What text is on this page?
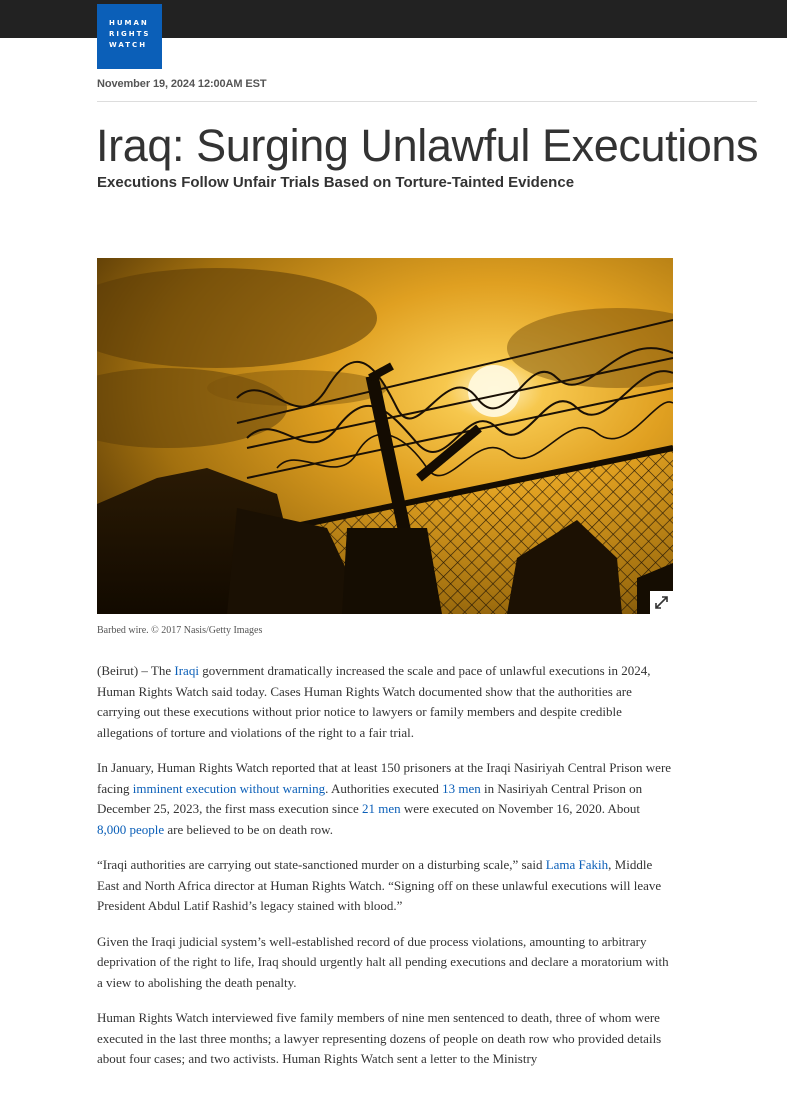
HUMAN
RIGHTS
WATCH
November 19, 2024 12:00AM EST
Iraq: Surging Unlawful Executions
Executions Follow Unfair Trials Based on Torture-Tainted Evidence
Barbed wire. © 2017 Nasis/Getty Images

(Beirut) – The Iraqi government dramatically increased the scale and pace of unlawful executions in 2024, Human Rights Watch said today. Cases Human Rights Watch documented show that the authorities are carrying out these executions without prior notice to lawyers or family members and despite credible allegations of torture and violations of the right to a fair trial.

In January, Human Rights Watch reported that at least 150 prisoners at the Iraqi Nasiriyah Central Prison were facing imminent execution without warning. Authorities executed 13 men in Nasiriyah Central Prison on December 25, 2023, the first mass execution since 21 men were executed on November 16, 2020. About 8,000 people are believed to be on death row.

“Iraqi authorities are carrying out state-sanctioned murder on a disturbing scale,” said Lama Fakih, Middle East and North Africa director at Human Rights Watch. “Signing off on these unlawful executions will leave President Abdul Latif Rashid’s legacy stained with blood.”

Given the Iraqi judicial system’s well-established record of due process violations, amounting to arbitrary deprivation of the right to life, Iraq should urgently halt all pending executions and declare a moratorium with a view to abolishing the death penalty.

Human Rights Watch interviewed five family members of nine men sentenced to death, three of whom were executed in the last three months; a lawyer representing dozens of people on death row who provided details about four cases; and two activists. Human Rights Watch sent a letter to the Ministry
